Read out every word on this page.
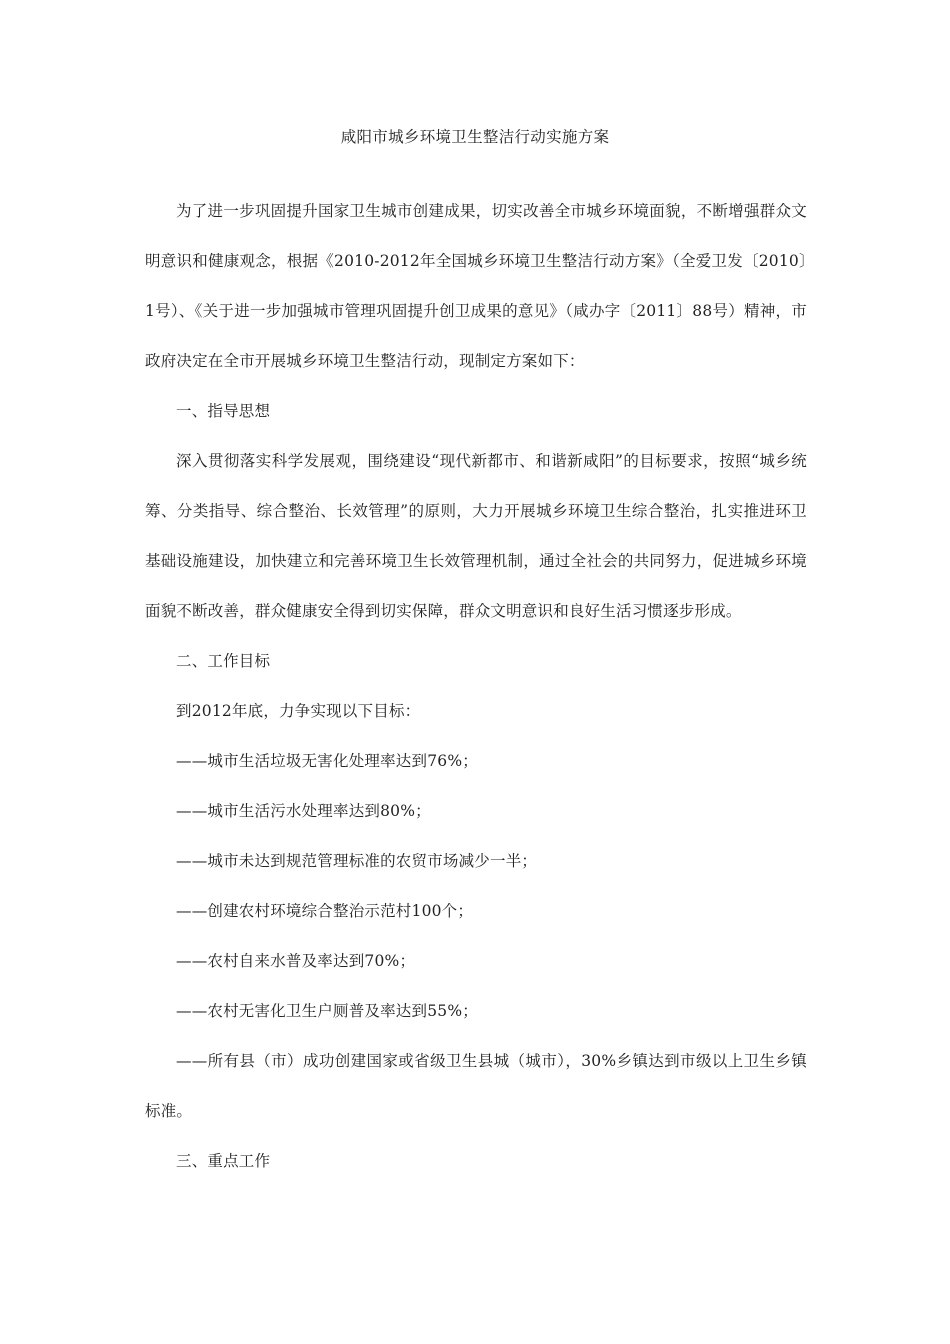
咸阳市城乡环境卫生整洁行动实施方案

为了进一步巩固提升国家卫生城市创建成果，切实改善全市城乡环境面貌，不断增强群众文明意识和健康观念，根据《2010-2012年全国城乡环境卫生整洁行动方案》（全爱卫发〔2010〕1号）、《关于进一步加强城市管理巩固提升创卫成果的意见》（咸办字〔2011〕88号）精神，市政府决定在全市开展城乡环境卫生整洁行动，现制定方案如下：

一、指导思想

深入贯彻落实科学发展观，围绕建设“现代新都市、和谐新咸阳”的目标要求，按照“城乡统筹、分类指导、综合整治、长效管理”的原则，大力开展城乡环境卫生综合整治，扎实推进环卫基础设施建设，加快建立和完善环境卫生长效管理机制，通过全社会的共同努力，促进城乡环境面貌不断改善，群众健康安全得到切实保障，群众文明意识和良好生活习惯逐步形成。

二、工作目标

到2012年底，力争实现以下目标：

——城市生活垃圾无害化处理率达到76%；

——城市生活污水处理率达到80%；

——城市未达到规范管理标准的农贸市场减少一半；

——创建农村环境综合整治示范村100个；

——农村自来水普及率达到70%；

——农村无害化卫生户厕普及率达到55%；

——所有县（市）成功创建国家或省级卫生县城（城市），30%乡镇达到市级以上卫生乡镇标准。

三、重点工作
